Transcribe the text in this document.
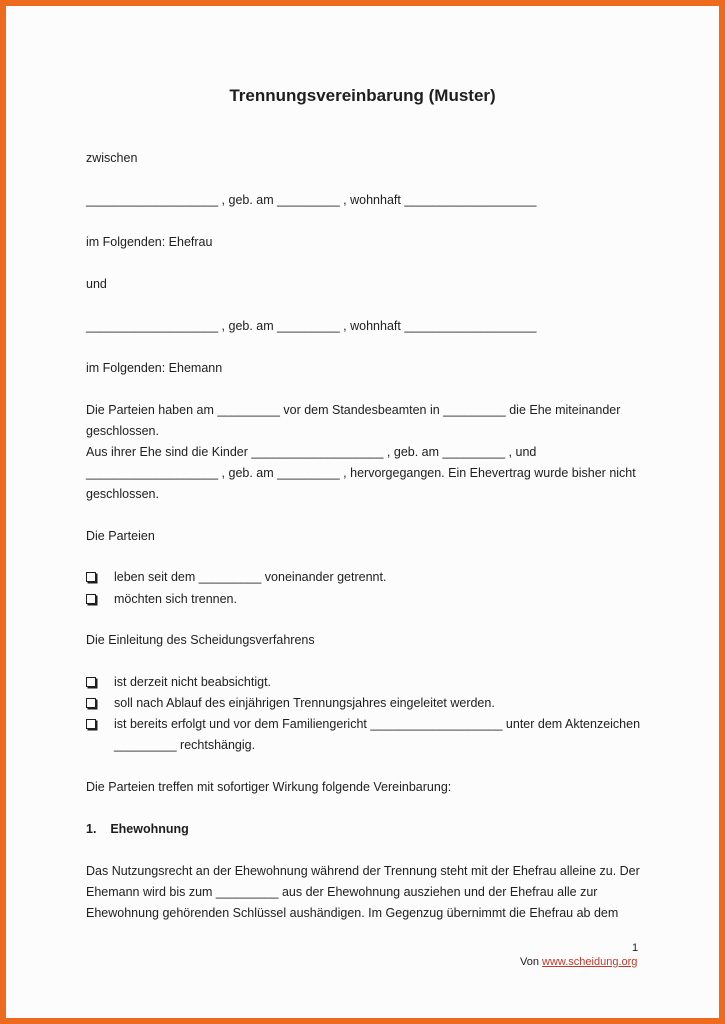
Trennungsvereinbarung (Muster)
zwischen
___________________ , geb. am _________ , wohnhaft ___________________
im Folgenden: Ehefrau
und
___________________ , geb. am _________ , wohnhaft ___________________
im Folgenden: Ehemann
Die Parteien haben am _________ vor dem Standesbeamten in _________ die Ehe miteinander
geschlossen.
Aus ihrer Ehe sind die Kinder ___________________ , geb. am _________ , und
___________________ , geb. am _________ , hervorgegangen. Ein Ehevertrag wurde bisher nicht
geschlossen.
Die Parteien
leben seit dem _________ voneinander getrennt.
möchten sich trennen.
Die Einleitung des Scheidungsverfahrens
ist derzeit nicht beabsichtigt.
soll nach Ablauf des einjährigen Trennungsjahres eingeleitet werden.
ist bereits erfolgt und vor dem Familiengericht ___________________ unter dem Aktenzeichen
_________ rechtshängig.
Die Parteien treffen mit sofortiger Wirkung folgende Vereinbarung:
1.    Ehewohnung
Das Nutzungsrecht an der Ehewohnung während der Trennung steht mit der Ehefrau alleine zu. Der
Ehemann wird bis zum _________ aus der Ehewohnung ausziehen und der Ehefrau alle zur
Ehewohnung gehörenden Schlüssel aushändigen. Im Gegenzug übernimmt die Ehefrau ab dem
1
Von www.scheidung.org
